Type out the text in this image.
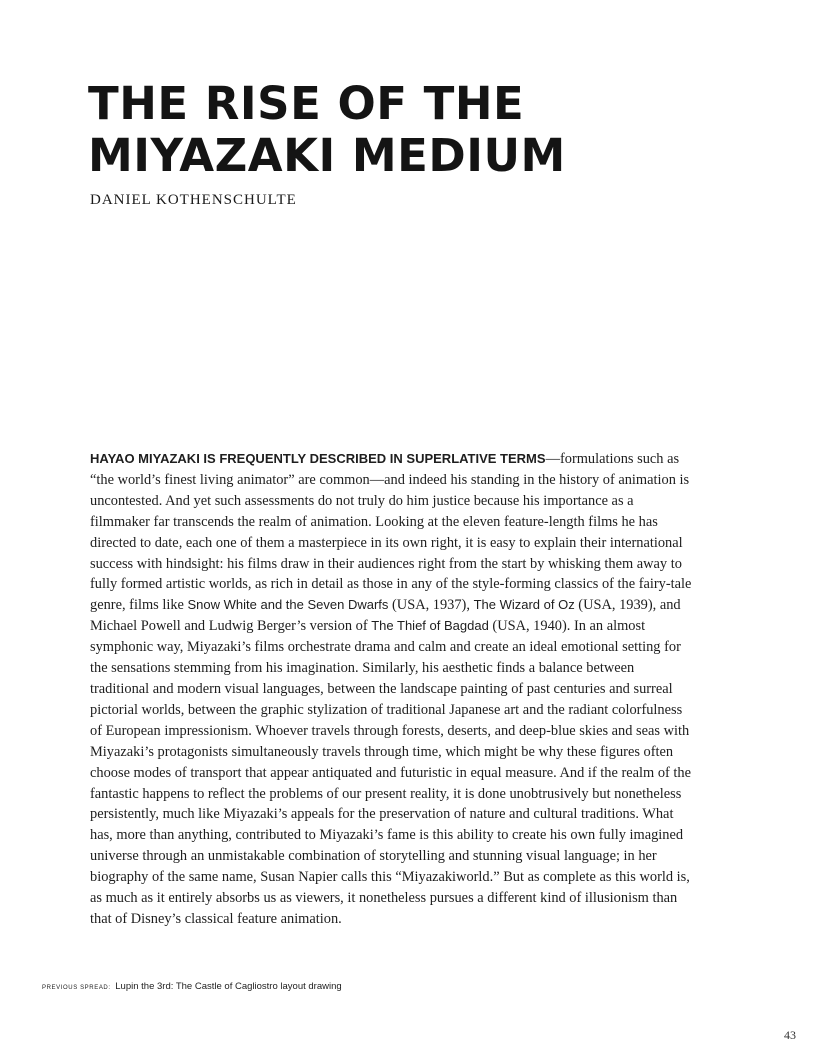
THE RISE OF THE
MIYAZAKI MEDIUM
DANIEL KOTHENSCHULTE

HAYAO MIYAZAKI IS FREQUENTLY DESCRIBED IN SUPERLATIVE TERMS—formulations such as “the world’s finest living animator” are common—and indeed his standing in the history of animation is uncontested. And yet such assessments do not truly do him justice because his importance as a filmmaker far transcends the realm of animation. Looking at the eleven feature-length films he has directed to date, each one of them a masterpiece in its own right, it is easy to explain their international success with hindsight: his films draw in their audiences right from the start by whisking them away to fully formed artistic worlds, as rich in detail as those in any of the style-forming classics of the fairy-tale genre, films like Snow White and the Seven Dwarfs (USA, 1937), The Wizard of Oz (USA, 1939), and Michael Powell and Ludwig Berger’s version of The Thief of Bagdad (USA, 1940). In an almost symphonic way, Miyazaki’s films orchestrate drama and calm and create an ideal emotional setting for the sensations stemming from his imagination. Similarly, his aesthetic finds a balance between traditional and modern visual languages, between the landscape painting of past centuries and surreal pictorial worlds, between the graphic stylization of traditional Japanese art and the radiant colorfulness of European impressionism. Whoever travels through forests, deserts, and deep-blue skies and seas with Miyazaki’s protagonists simultaneously travels through time, which might be why these figures often choose modes of transport that appear antiquated and futuristic in equal measure. And if the realm of the fantastic happens to reflect the problems of our present reality, it is done unobtrusively but nonetheless persistently, much like Miyazaki’s appeals for the preservation of nature and cultural traditions. What has, more than anything, contributed to Miyazaki’s fame is this ability to create his own fully imagined universe through an unmistakable combination of storytelling and stunning visual language; in her biography of the same name, Susan Napier calls this “Miyazakiworld.” But as complete as this world is, as much as it entirely absorbs us as viewers, it nonetheless pursues a different kind of illusionism than that of Disney’s classical feature animation.

PREVIOUS SPREAD: Lupin the 3rd: The Castle of Cagliostro layout drawing
43
